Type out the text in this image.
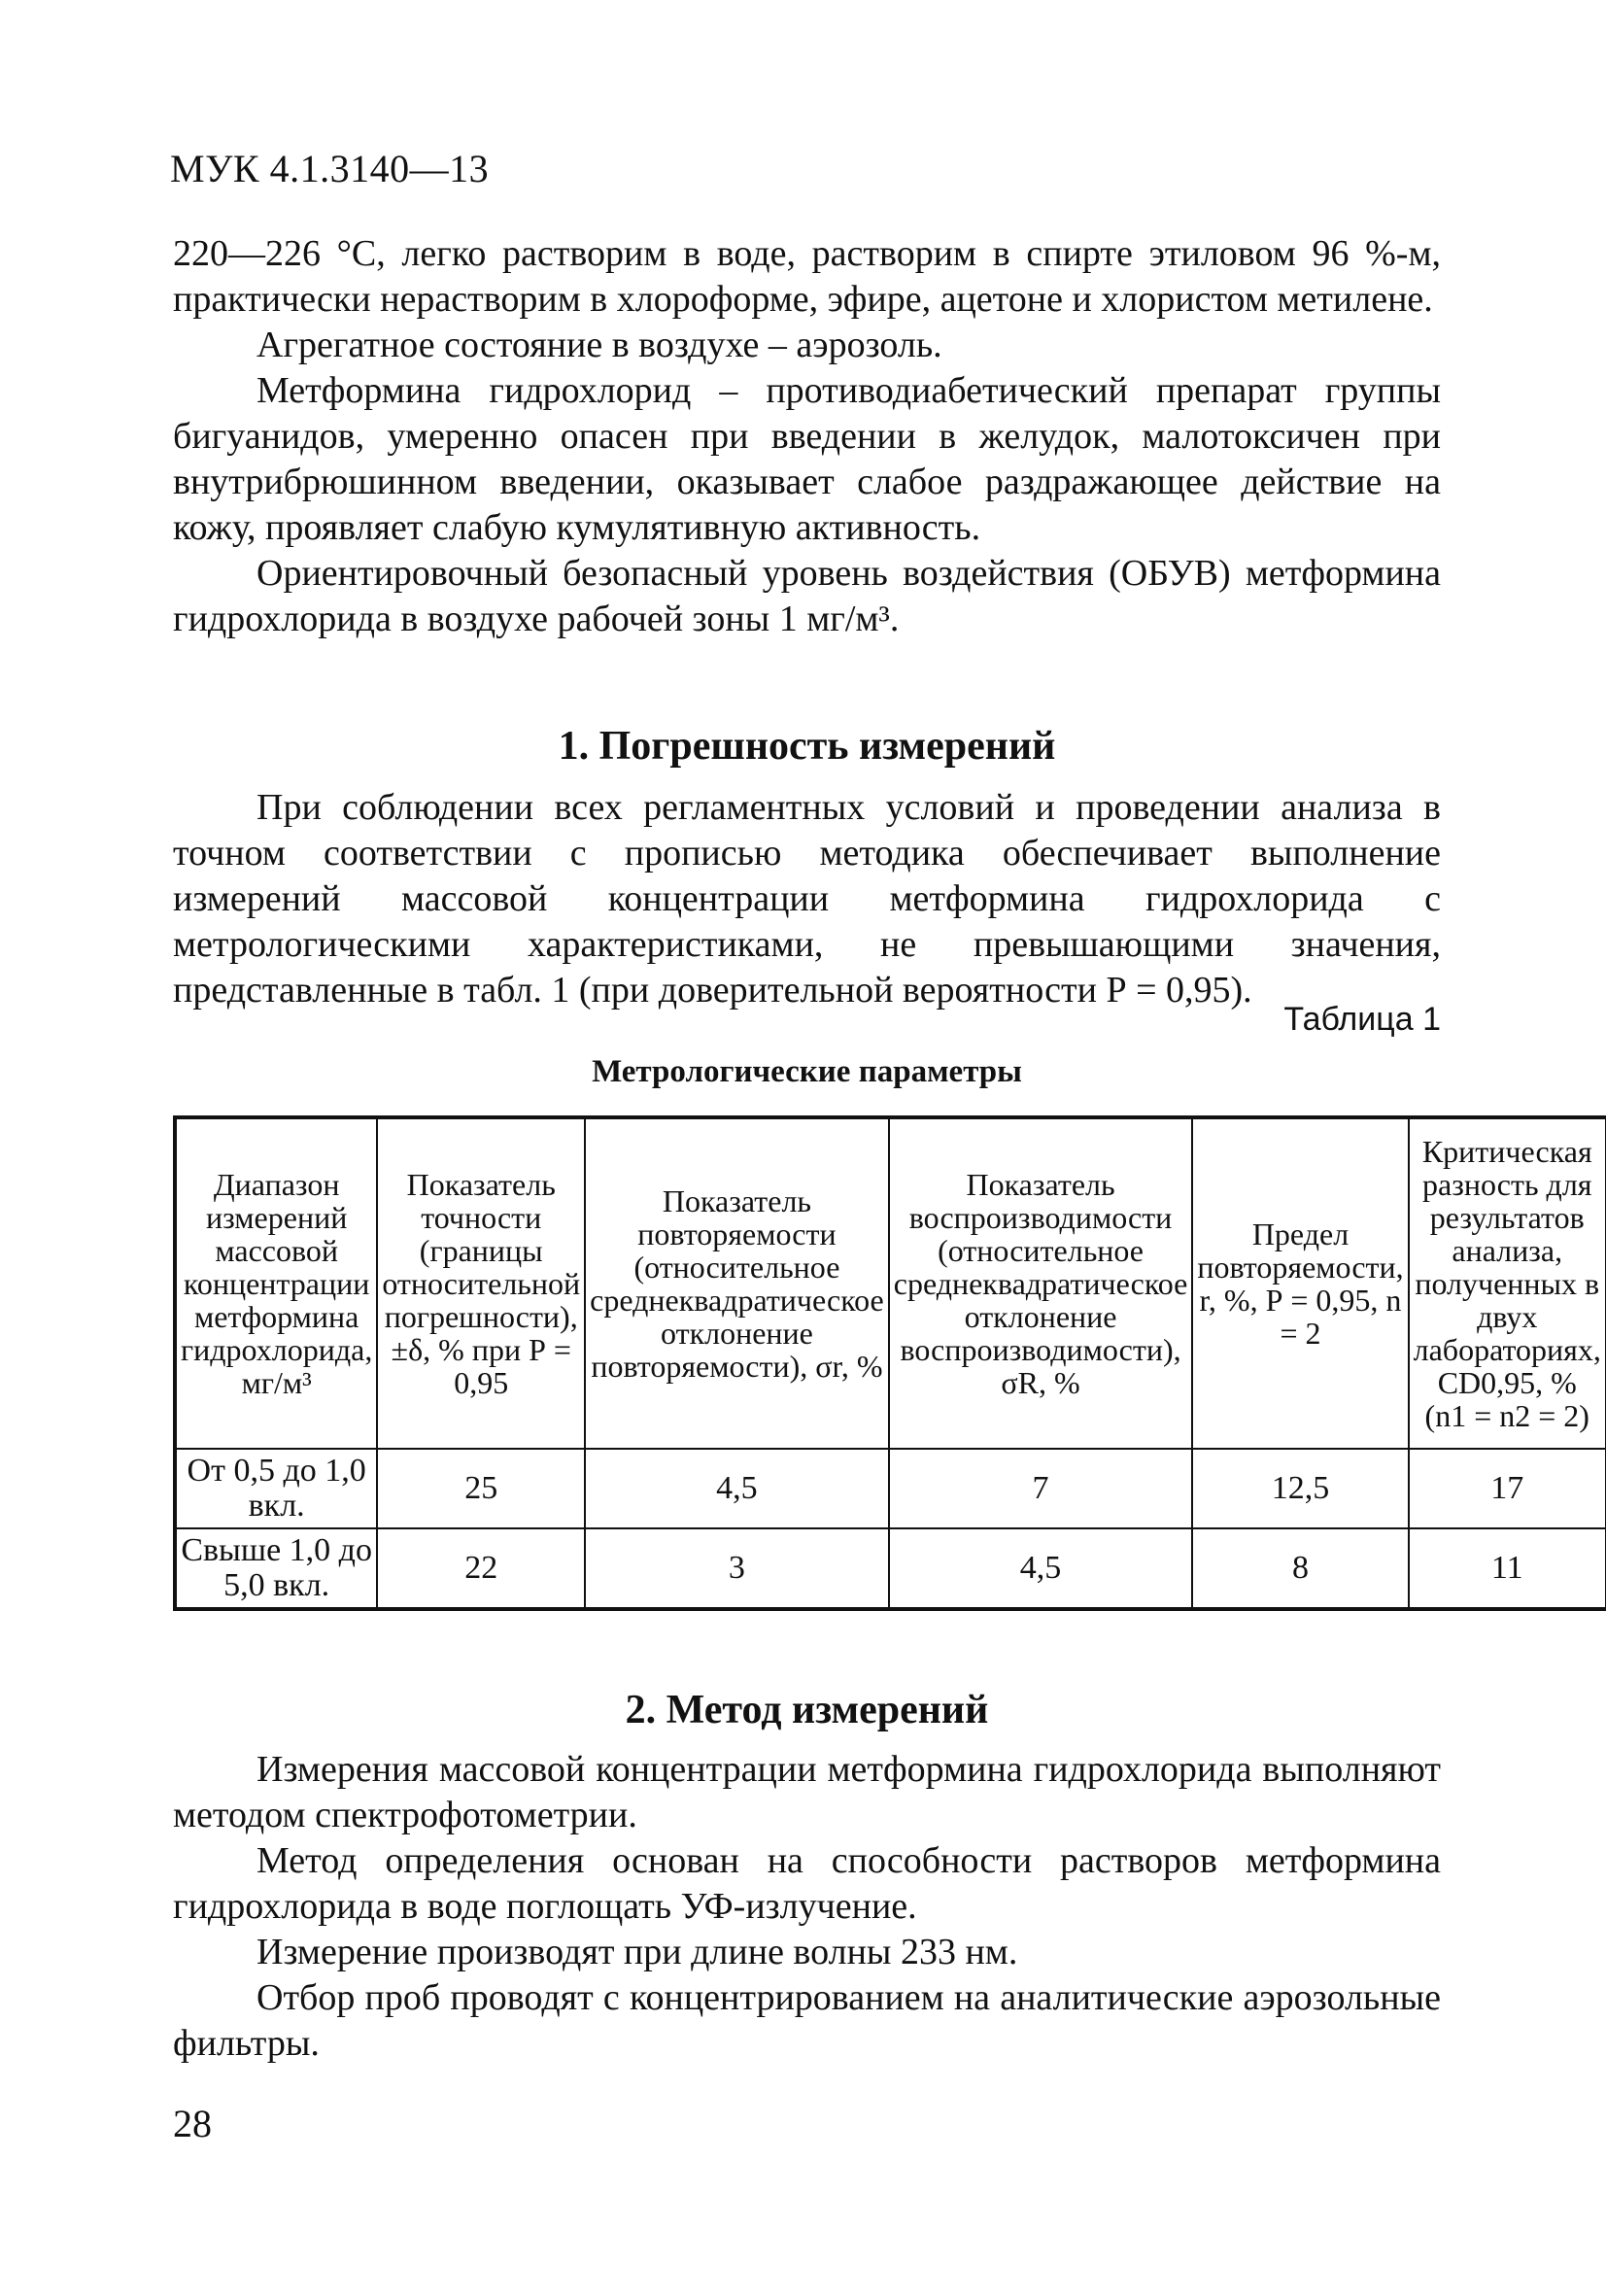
МУК 4.1.3140—13

220—226 °С, легко растворим в воде, растворим в спирте этиловом 96 %-м, практически нерастворим в хлороформе, эфире, ацетоне и хлористом метилене.

Агрегатное состояние в воздухе – аэрозоль.

Метформина гидрохлорид – противодиабетический препарат группы бигуанидов, умеренно опасен при введении в желудок, малотоксичен при внутрибрюшинном введении, оказывает слабое раздражающее действие на кожу, проявляет слабую кумулятивную активность.

Ориентировочный безопасный уровень воздействия (ОБУВ) метформина гидрохлорида в воздухе рабочей зоны 1 мг/м³.

1. Погрешность измерений

При соблюдении всех регламентных условий и проведении анализа в точном соответствии с прописью методика обеспечивает выполнение измерений массовой концентрации метформина гидрохлорида с метрологическими характеристиками, не превышающими значения, представленные в табл. 1 (при доверительной вероятности Р = 0,95).

Таблица 1
Метрологические параметры
Диапазон измерений массовой концентрации метформина гидрохлорида, мг/м³	Показатель точности (границы относительной погрешности), ±δ, % при Р = 0,95	Показатель повторяемости (относительное среднеквадратическое отклонение повторяемости), σr, %	Показатель воспроизводимости (относительное среднеквадратическое отклонение воспроизводимости), σR, %	Предел повторяемости, r, %, Р = 0,95, n = 2	Критическая разность для результатов анализа, полученных в двух лабораториях, CD0,95, % (n1 = n2 = 2)
От 0,5 до 1,0 вкл.	25	4,5	7	12,5	17
Свыше 1,0 до 5,0 вкл.	22	3	4,5	8	11
2. Метод измерений

Измерения массовой концентрации метформина гидрохлорида выполняют методом спектрофотометрии.

Метод определения основан на способности растворов метформина гидрохлорида в воде поглощать УФ-излучение.

Измерение производят при длине волны 233 нм.

Отбор проб проводят с концентрированием на аналитические аэрозольные фильтры.

28
